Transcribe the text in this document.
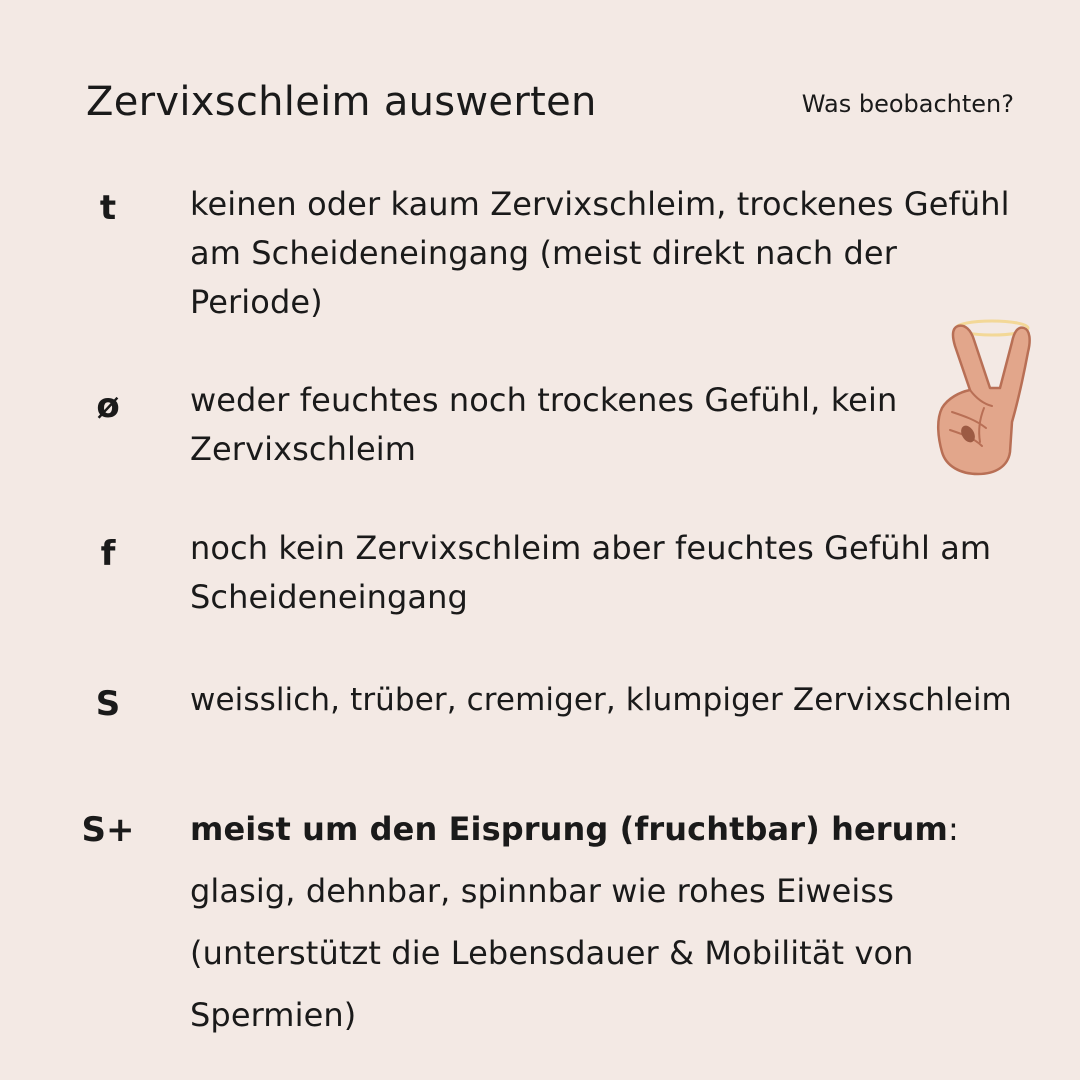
Zervixschleim auswerten	Was beobachten?
t	keinen oder kaum Zervixschleim, trockenes Gefühl am Scheideneingang (meist direkt nach der Periode)
ø	weder feuchtes noch trockenes Gefühl, kein Zervixschleim
f	noch kein Zervixschleim aber feuchtes Gefühl am Scheideneingang
S	weisslich, trüber, cremiger, klumpiger Zervixschleim
S+ meist um den Eisprung (fruchtbar) herum: glasig, dehnbar, spinnbar wie rohes Eiweiss (unterstützt die Lebensdauer & Mobilität von Spermien)
